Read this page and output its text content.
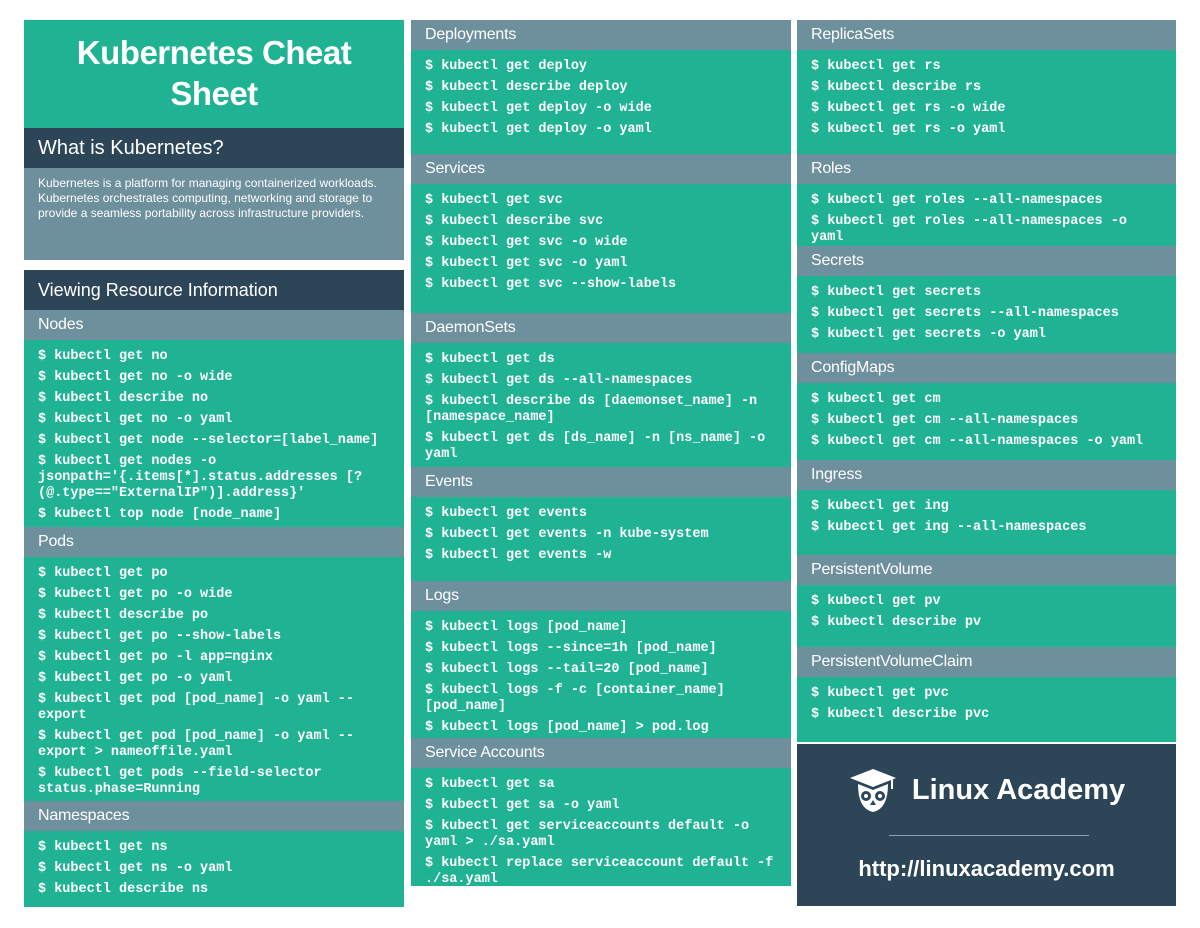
Kubernetes Cheat
Sheet
What is Kubernetes?
Kubernetes is a platform for managing containerized workloads. Kubernetes orchestrates computing, networking and storage to provide a seamless portability across infrastructure providers.
Viewing Resource Information
Nodes
$ kubectl get no
$ kubectl get no -o wide
$ kubectl describe no
$ kubectl get no -o yaml
$ kubectl get node --selector=[label_name]
$ kubectl get nodes -o jsonpath='{.items[*].status.addresses [?(@.type=="ExternalIP")].address}'
$ kubectl top node [node_name]
Pods
$ kubectl get po
$ kubectl get po -o wide
$ kubectl describe po
$ kubectl get po --show-labels
$ kubectl get po -l app=nginx
$ kubectl get po -o yaml
$ kubectl get pod [pod_name] -o yaml --export
$ kubectl get pod [pod_name] -o yaml --export > nameoffile.yaml
$ kubectl get pods --field-selector status.phase=Running
Namespaces
$ kubectl get ns
$ kubectl get ns -o yaml
$ kubectl describe ns
Deployments
$ kubectl get deploy
$ kubectl describe deploy
$ kubectl get deploy -o wide
$ kubectl get deploy -o yaml
Services
$ kubectl get svc
$ kubectl describe svc
$ kubectl get svc -o wide
$ kubectl get svc -o yaml
$ kubectl get svc --show-labels
DaemonSets
$ kubectl get ds
$ kubectl get ds --all-namespaces
$ kubectl describe ds [daemonset_name] -n [namespace_name]
$ kubectl get ds [ds_name] -n [ns_name] -o yaml
Events
$ kubectl get events
$ kubectl get events -n kube-system
$ kubectl get events -w
Logs
$ kubectl logs [pod_name]
$ kubectl logs --since=1h [pod_name]
$ kubectl logs --tail=20 [pod_name]
$ kubectl logs -f -c [container_name] [pod_name]
$ kubectl logs [pod_name] > pod.log
Service Accounts
$ kubectl get sa
$ kubectl get sa -o yaml
$ kubectl get serviceaccounts default -o yaml > ./sa.yaml
$ kubectl replace serviceaccount default -f ./sa.yaml
ReplicaSets
$ kubectl get rs
$ kubectl describe rs
$ kubectl get rs -o wide
$ kubectl get rs -o yaml
Roles
$ kubectl get roles --all-namespaces
$ kubectl get roles --all-namespaces -o yaml
Secrets
$ kubectl get secrets
$ kubectl get secrets --all-namespaces
$ kubectl get secrets -o yaml
ConfigMaps
$ kubectl get cm
$ kubectl get cm --all-namespaces
$ kubectl get cm --all-namespaces -o yaml
Ingress
$ kubectl get ing
$ kubectl get ing --all-namespaces
PersistentVolume
$ kubectl get pv
$ kubectl describe pv
PersistentVolumeClaim
$ kubectl get pvc
$ kubectl describe pvc
Linux Academy
http://linuxacademy.com
